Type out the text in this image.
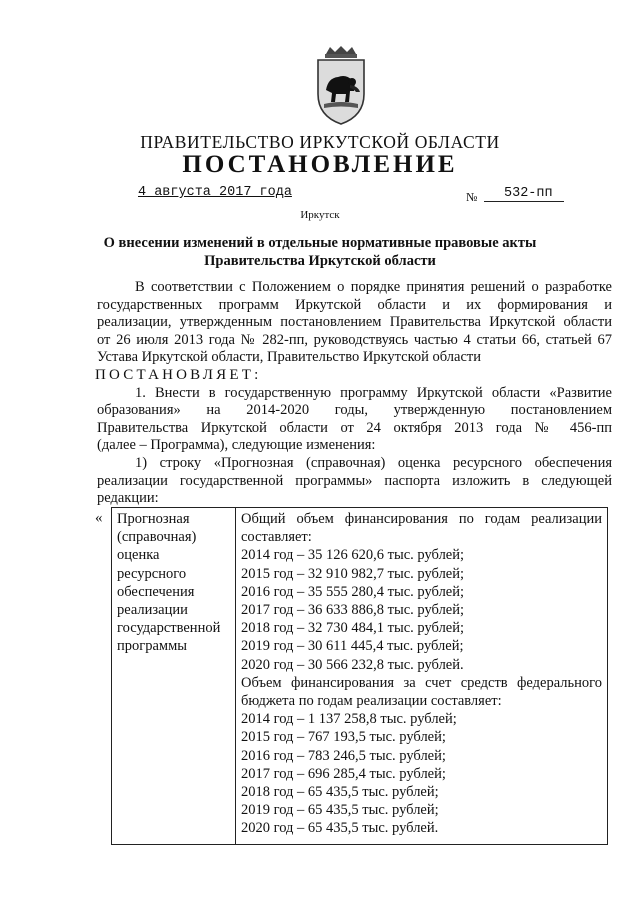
ПРАВИТЕЛЬСТВО ИРКУТСКОЙ ОБЛАСТИ
ПОСТАНОВЛЕНИЕ
4 августа 2017 года	№	532-пп
Иркутск
О внесении изменений в отдельные нормативные правовые акты
Правительства Иркутской области
В соответствии с Положением о порядке принятия решений о разработке
государственных программ Иркутской области и их формирования и
реализации, утвержденным постановлением Правительства Иркутской области
от 26 июля 2013 года № 282-пп, руководствуясь частью 4 статьи 66, статьей 67
Устава Иркутской области, Правительство Иркутской области
ПОСТАНОВЛЯЕТ:
1. Внести в государственную программу Иркутской области «Развитие
образования» на 2014-2020 годы, утвержденную постановлением
Правительства Иркутской области от 24 октября 2013 года № 456-пп
(далее – Программа), следующие изменения:
1) строку «Прогнозная (справочная) оценка ресурсного обеспечения
реализации государственной программы» паспорта изложить в следующей
редакции:
« Прогнозная
(справочная)
оценка
ресурсного
обеспечения
реализации
государственной
программы

Общий объем финансирования по годам реализации
составляет:
2014 год – 35 126 620,6 тыс. рублей;
2015 год – 32 910 982,7 тыс. рублей;
2016 год – 35 555 280,4 тыс. рублей;
2017 год – 36 633 886,8 тыс. рублей;
2018 год – 32 730 484,1 тыс. рублей;
2019 год – 30 611 445,4 тыс. рублей;
2020 год – 30 566 232,8 тыс. рублей.
Объем финансирования за счет средств федерального
бюджета по годам реализации составляет:
2014 год – 1 137 258,8 тыс. рублей;
2015 год – 767 193,5 тыс. рублей;
2016 год – 783 246,5 тыс. рублей;
2017 год – 696 285,4 тыс. рублей;
2018 год – 65 435,5 тыс. рублей;
2019 год – 65 435,5 тыс. рублей;
2020 год – 65 435,5 тыс. рублей.
